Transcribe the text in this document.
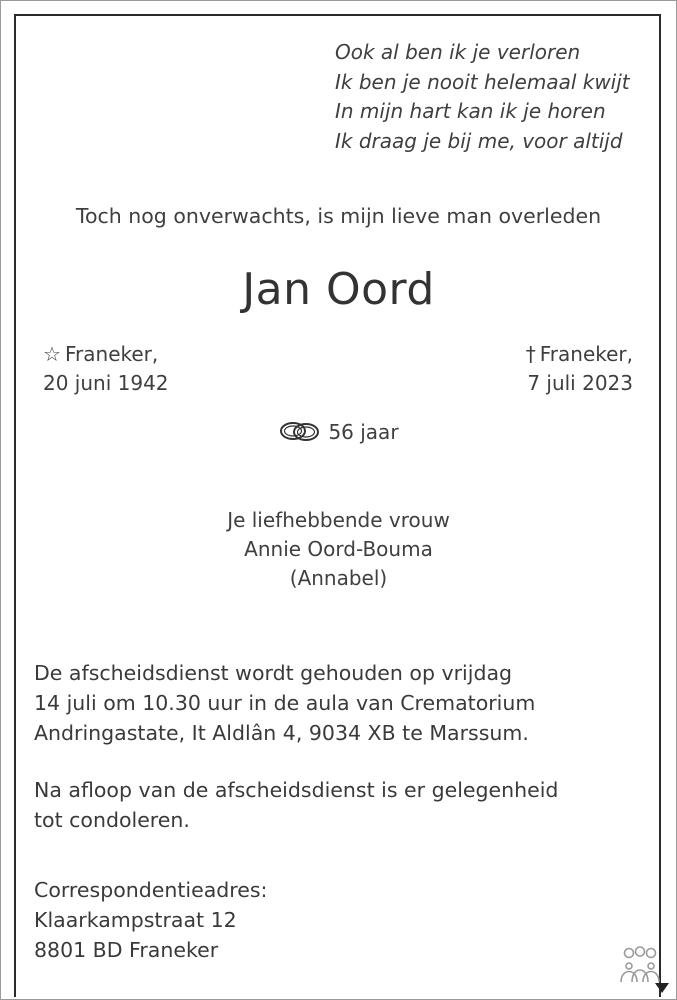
Ook al ben ik je verloren
Ik ben je nooit helemaal kwijt
In mijn hart kan ik je horen
Ik draag je bij me, voor altijd
Toch nog onverwachts, is mijn lieve man overleden
Jan Oord
☆ Franeker,
20 juni 1942
† Franeker,
7 juli 2023
56 jaar
Je liefhebbende vrouw
Annie Oord-Bouma
(Annabel)
De afscheidsdienst wordt gehouden op vrijdag
14 juli om 10.30 uur in de aula van Crematorium
Andringastate, It Aldlân 4, 9034 XB te Marssum.
Na afloop van de afscheidsdienst is er gelegenheid
tot condoleren.
Correspondentieadres:
Klaarkampstraat 12
8801 BD Franeker
